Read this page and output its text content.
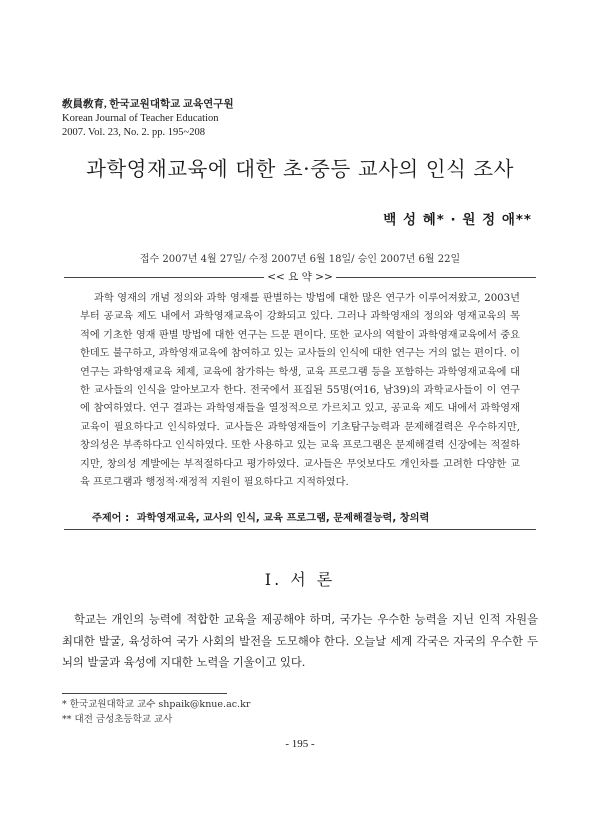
敎員敎育, 한국교원대학교 교육연구원
Korean Journal of Teacher Education
2007. Vol. 23, No. 2. pp. 195~208
과학영재교육에 대한 초·중등 교사의 인식 조사
백 성 혜* · 원 정 애**
접수 2007년 4월 27일/ 수정 2007년 6월 18일/ 승인 2007년 6월 22일
<< 요 약 >>

과학 영재의 개념 정의와 과학 영재를 판별하는 방법에 대한 많은 연구가 이루어져왔고, 2003년부터 공교육 제도 내에서 과학영재교육이 강화되고 있다. 그러나 과학영재의 정의와 영재교육의 목적에 기초한 영재 판별 방법에 대한 연구는 드문 편이다. 또한 교사의 역할이 과학영재교육에서 중요한데도 불구하고, 과학영재교육에 참여하고 있는 교사들의 인식에 대한 연구는 거의 없는 편이다. 이 연구는 과학영재교육 체제, 교육에 참가하는 학생, 교육 프로그램 등을 포함하는 과학영재교육에 대한 교사들의 인식을 알아보고자 한다. 전국에서 표집된 55명(여16, 남39)의 과학교사들이 이 연구에 참여하였다. 연구 결과는 과학영재들을 열정적으로 가르치고 있고, 공교육 제도 내에서 과학영재교육이 필요하다고 인식하였다. 교사들은 과학영재들이 기초탐구능력과 문제해결력은 우수하지만, 창의성은 부족하다고 인식하였다. 또한 사용하고 있는 교육 프로그램은 문제해결력 신장에는 적절하지만, 창의성 계발에는 부적절하다고 평가하였다. 교사들은 무엇보다도 개인차를 고려한 다양한 교육 프로그램과 행정적·재정적 지원이 필요하다고 지적하였다.

주제어 : 과학영재교육, 교사의 인식, 교육 프로그램, 문제해결능력, 창의력
Ⅰ. 서 론

학교는 개인의 능력에 적합한 교육을 제공해야 하며, 국가는 우수한 능력을 지닌 인적 자원을 최대한 발굴, 육성하여 국가 사회의 발전을 도모해야 한다. 오늘날 세계 각국은 자국의 우수한 두뇌의 발굴과 육성에 지대한 노력을 기울이고 있다.

* 한국교원대학교 교수 shpaik@knue.ac.kr
** 대전 금성초등학교 교사
- 195 -
